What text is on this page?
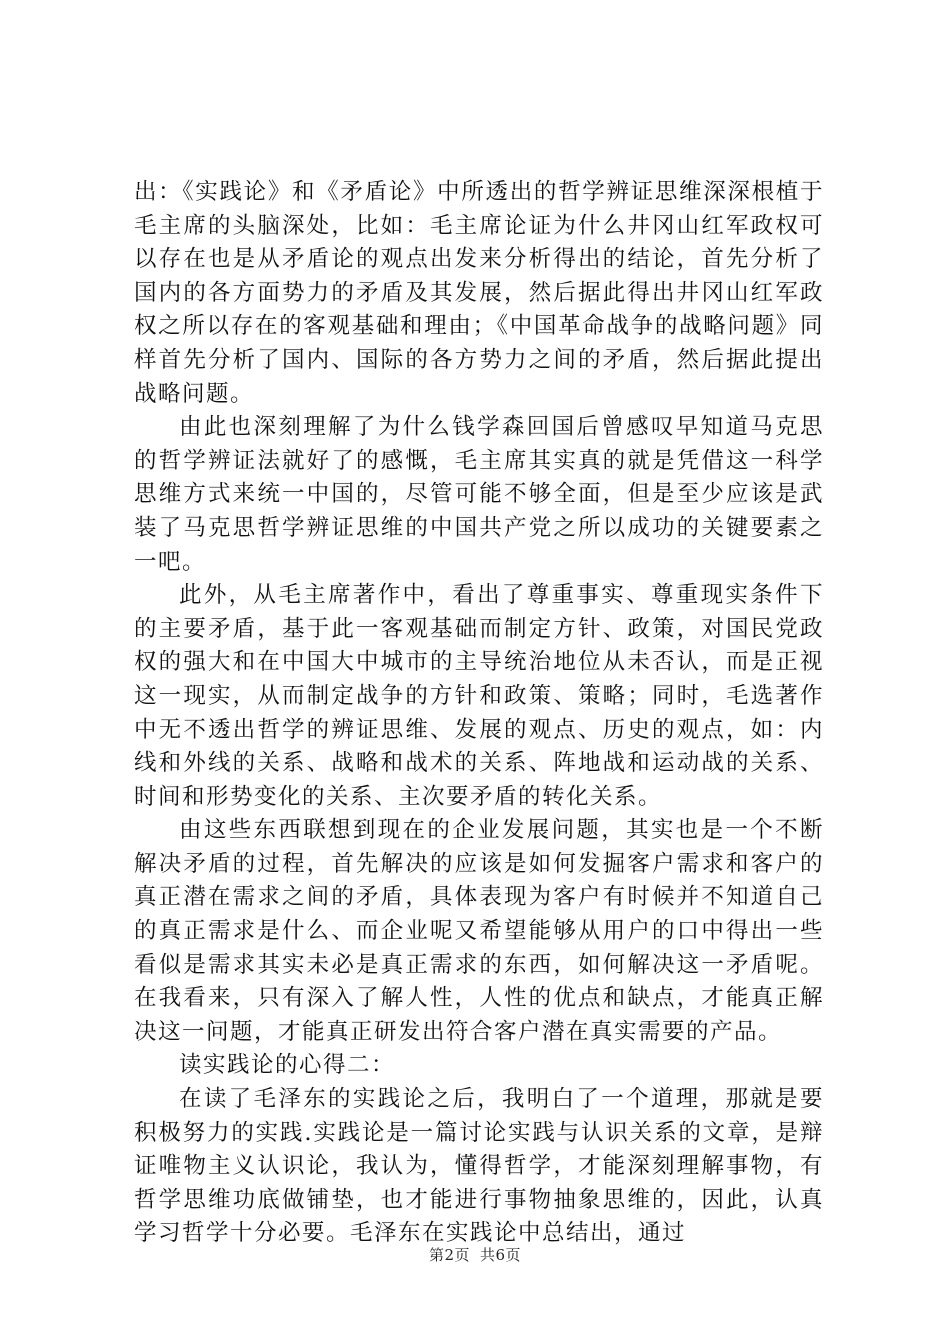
出：《实践论》和《矛盾论》中所透出的哲学辨证思维深深根植于毛主席的头脑深处，比如：毛主席论证为什么井冈山红军政权可以存在也是从矛盾论的观点出发来分析得出的结论，首先分析了国内的各方面势力的矛盾及其发展，然后据此得出井冈山红军政权之所以存在的客观基础和理由；《中国革命战争的战略问题》同样首先分析了国内、国际的各方势力之间的矛盾，然后据此提出战略问题。

由此也深刻理解了为什么钱学森回国后曾感叹早知道马克思的哲学辨证法就好了的感慨，毛主席其实真的就是凭借这一科学思维方式来统一中国的，尽管可能不够全面，但是至少应该是武装了马克思哲学辨证思维的中国共产党之所以成功的关键要素之一吧。

此外，从毛主席著作中，看出了尊重事实、尊重现实条件下的主要矛盾，基于此一客观基础而制定方针、政策，对国民党政权的强大和在中国大中城市的主导统治地位从未否认，而是正视这一现实，从而制定战争的方针和政策、策略；同时，毛选著作中无不透出哲学的辨证思维、发展的观点、历史的观点，如：内线和外线的关系、战略和战术的关系、阵地战和运动战的关系、时间和形势变化的关系、主次要矛盾的转化关系。

由这些东西联想到现在的企业发展问题，其实也是一个不断解决矛盾的过程，首先解决的应该是如何发掘客户需求和客户的真正潜在需求之间的矛盾，具体表现为客户有时候并不知道自己的真正需求是什么、而企业呢又希望能够从用户的口中得出一些看似是需求其实未必是真正需求的东西，如何解决这一矛盾呢。在我看来，只有深入了解人性，人性的优点和缺点，才能真正解决这一问题，才能真正研发出符合客户潜在真实需要的产品。

读实践论的心得二：

在读了毛泽东的实践论之后，我明白了一个道理，那就是要积极努力的实践.实践论是一篇讨论实践与认识关系的文章，是辩证唯物主义认识论，我认为，懂得哲学，才能深刻理解事物，有哲学思维功底做铺垫，也才能进行事物抽象思维的，因此，认真学习哲学十分必要。毛泽东在实践论中总结出，通过

第2页 共6页
